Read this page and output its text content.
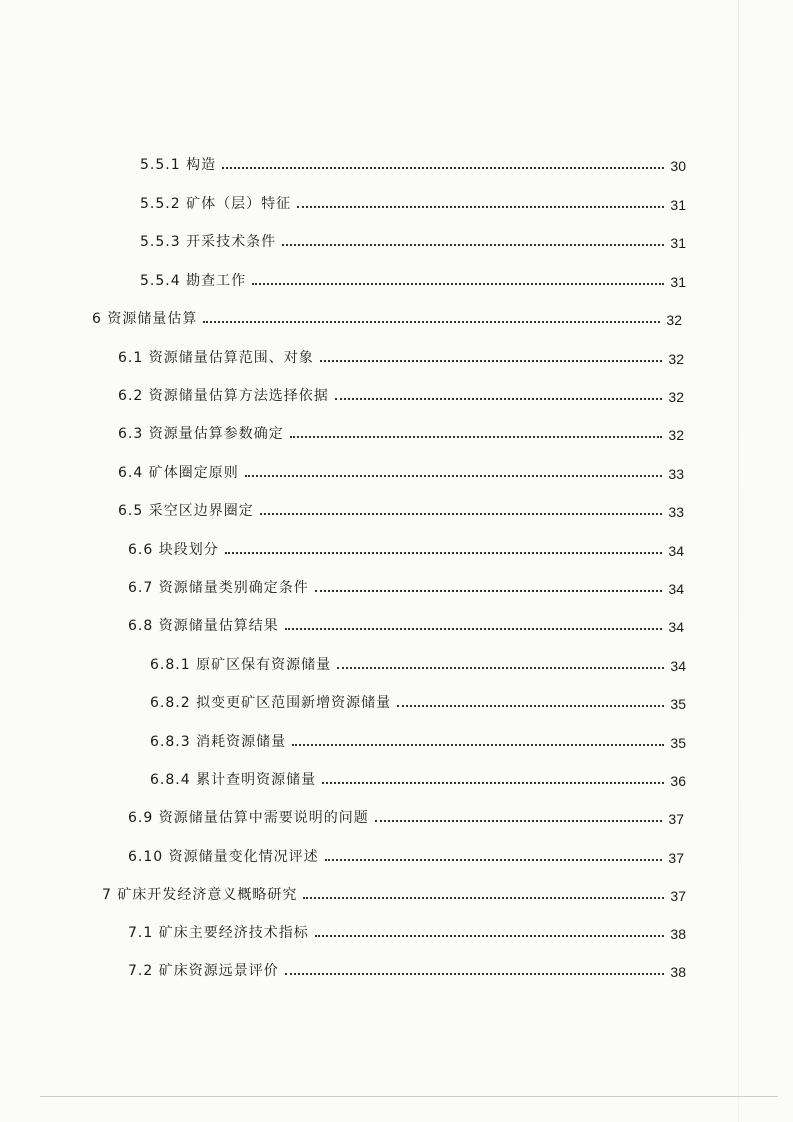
5.5.1 构造	30
5.5.2 矿体（层）特征	31
5.5.3 开采技术条件	31
5.5.4 勘查工作	31
6 资源储量估算	32
6.1 资源储量估算范围、对象	32
6.2 资源储量估算方法选择依据	32
6.3 资源量估算参数确定	32
6.4 矿体圈定原则	33
6.5 采空区边界圈定	33
6.6 块段划分	34
6.7 资源储量类别确定条件	34
6.8 资源储量估算结果	34
6.8.1 原矿区保有资源储量	34
6.8.2 拟变更矿区范围新增资源储量	35
6.8.3 消耗资源储量	35
6.8.4 累计查明资源储量	36
6.9 资源储量估算中需要说明的问题	37
6.10 资源储量变化情况评述	37
7 矿床开发经济意义概略研究	37
7.1 矿床主要经济技术指标	38
7.2 矿床资源远景评价	38
